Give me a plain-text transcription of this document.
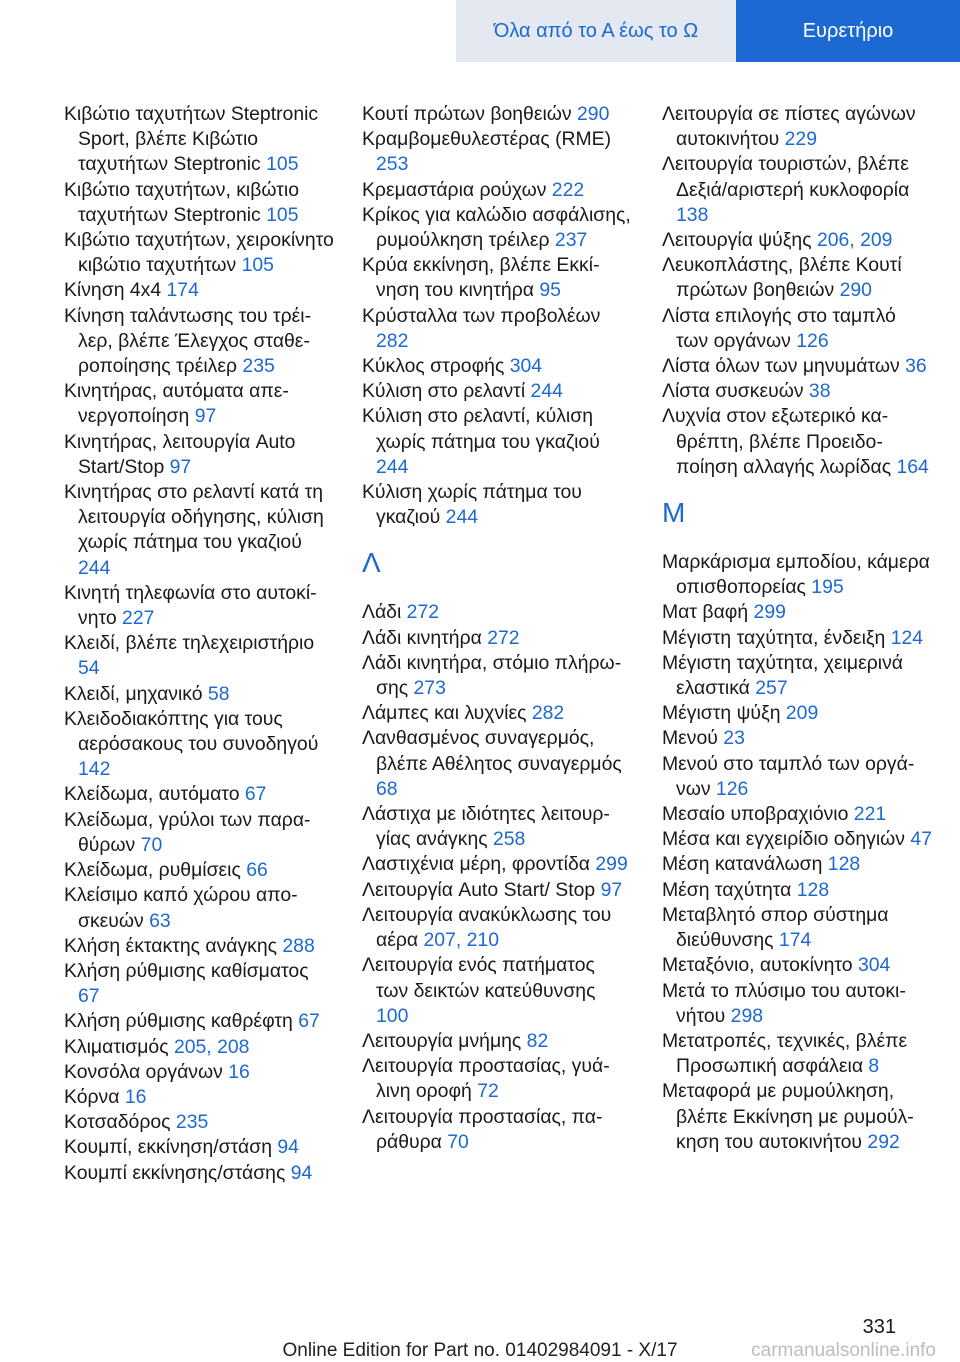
Όλα από το Α έως το Ω	Ευρετήριο
Κιβώτιο ταχυτήτων Steptronic Sport, βλέπε Κιβώτιο ταχυτήτων Steptronic 105
Κιβώτιο ταχυτήτων, κιβώτιο ταχυτήτων Steptronic 105
Κιβώτιο ταχυτήτων, χειροκίνητο κιβώτιο ταχυτήτων 105
Κίνηση 4x4 174
Κίνηση ταλάντωσης του τρέιλερ, βλέπε Έλεγχος σταθεροποίησης τρέιλερ 235
Κινητήρας, αυτόματα απενεργοποίηση 97
Κινητήρας, λειτουργία Auto Start/Stop 97
Κινητήρας στο ρελαντί κατά τη λειτουργία οδήγησης, κύλιση χωρίς πάτημα του γκαζιού 244
Κινητή τηλεφωνία στο αυτοκίνητο 227
Κλειδί, βλέπε τηλεχειριστήριο 54
Κλειδί, μηχανικό 58
Κλειδοδιακόπτης για τους αερόσακους του συνοδηγού 142
Κλείδωμα, αυτόματο 67
Κλείδωμα, γρύλοι των παραθύρων 70
Κλείδωμα, ρυθμίσεις 66
Κλείσιμο καπό χώρου αποσκευών 63
Κλήση έκτακτης ανάγκης 288
Κλήση ρύθμισης καθίσματος 67
Κλήση ρύθμισης καθρέφτη 67
Κλιματισμός 205, 208
Κονσόλα οργάνων 16
Κόρνα 16
Κοτσαδόρος 235
Κουμπί, εκκίνηση/στάση 94
Κουμπί εκκίνησης/στάσης 94
Κουτί πρώτων βοηθειών 290
Κραμβομεθυλεστέρας (RME) 253
Κρεμαστάρια ρούχων 222
Κρίκος για καλώδιο ασφάλισης, ρυμούλκηση τρέιλερ 237
Κρύα εκκίνηση, βλέπε Εκκίνηση του κινητήρα 95
Κρύσταλλα των προβολέων 282
Κύκλος στροφής 304
Κύλιση στο ρελαντί 244
Κύλιση στο ρελαντί, κύλιση χωρίς πάτημα του γκαζιού 244
Κύλιση χωρίς πάτημα του γκαζιού 244
Λ
Λάδι 272
Λάδι κινητήρα 272
Λάδι κινητήρα, στόμιο πλήρωσης 273
Λάμπες και λυχνίες 282
Λανθασμένος συναγερμός, βλέπε Αθέλητος συναγερμός 68
Λάστιχα με ιδιότητες λειτουργίας ανάγκης 258
Λαστιχένια μέρη, φροντίδα 299
Λειτουργία Auto Start/ Stop 97
Λειτουργία ανακύκλωσης του αέρα 207, 210
Λειτουργία ενός πατήματος των δεικτών κατεύθυνσης 100
Λειτουργία μνήμης 82
Λειτουργία προστασίας, γυάλινη οροφή 72
Λειτουργία προστασίας, παράθυρα 70
Λειτουργία σε πίστες αγώνων αυτοκινήτου 229
Λειτουργία τουριστών, βλέπε Δεξιά/αριστερή κυκλοφορία 138
Λειτουργία ψύξης 206, 209
Λευκοπλάστης, βλέπε Κουτί πρώτων βοηθειών 290
Λίστα επιλογής στο ταμπλό των οργάνων 126
Λίστα όλων των μηνυμάτων 36
Λίστα συσκευών 38
Λυχνία στον εξωτερικό καθρέπτη, βλέπε Προειδοποίηση αλλαγής λωρίδας 164
Μ
Μαρκάρισμα εμποδίου, κάμερα οπισθοπορείας 195
Ματ βαφή 299
Μέγιστη ταχύτητα, ένδειξη 124
Μέγιστη ταχύτητα, χειμερινά ελαστικά 257
Μέγιστη ψύξη 209
Μενού 23
Μενού στο ταμπλό των οργάνων 126
Μεσαίο υποβραχιόνιο 221
Μέσα και εγχειρίδιο οδηγιών 47
Μέση κατανάλωση 128
Μέση ταχύτητα 128
Μεταβλητό σπορ σύστημα διεύθυνσης 174
Μεταξόνιο, αυτοκίνητο 304
Μετά το πλύσιμο του αυτοκινήτου 298
Μετατροπές, τεχνικές, βλέπε Προσωπική ασφάλεια 8
Μεταφορά με ρυμούλκηση, βλέπε Εκκίνηση με ρυμούλκηση του αυτοκινήτου 292
331
Online Edition for Part no. 01402984091 - X/17	carmanualsonline.info
